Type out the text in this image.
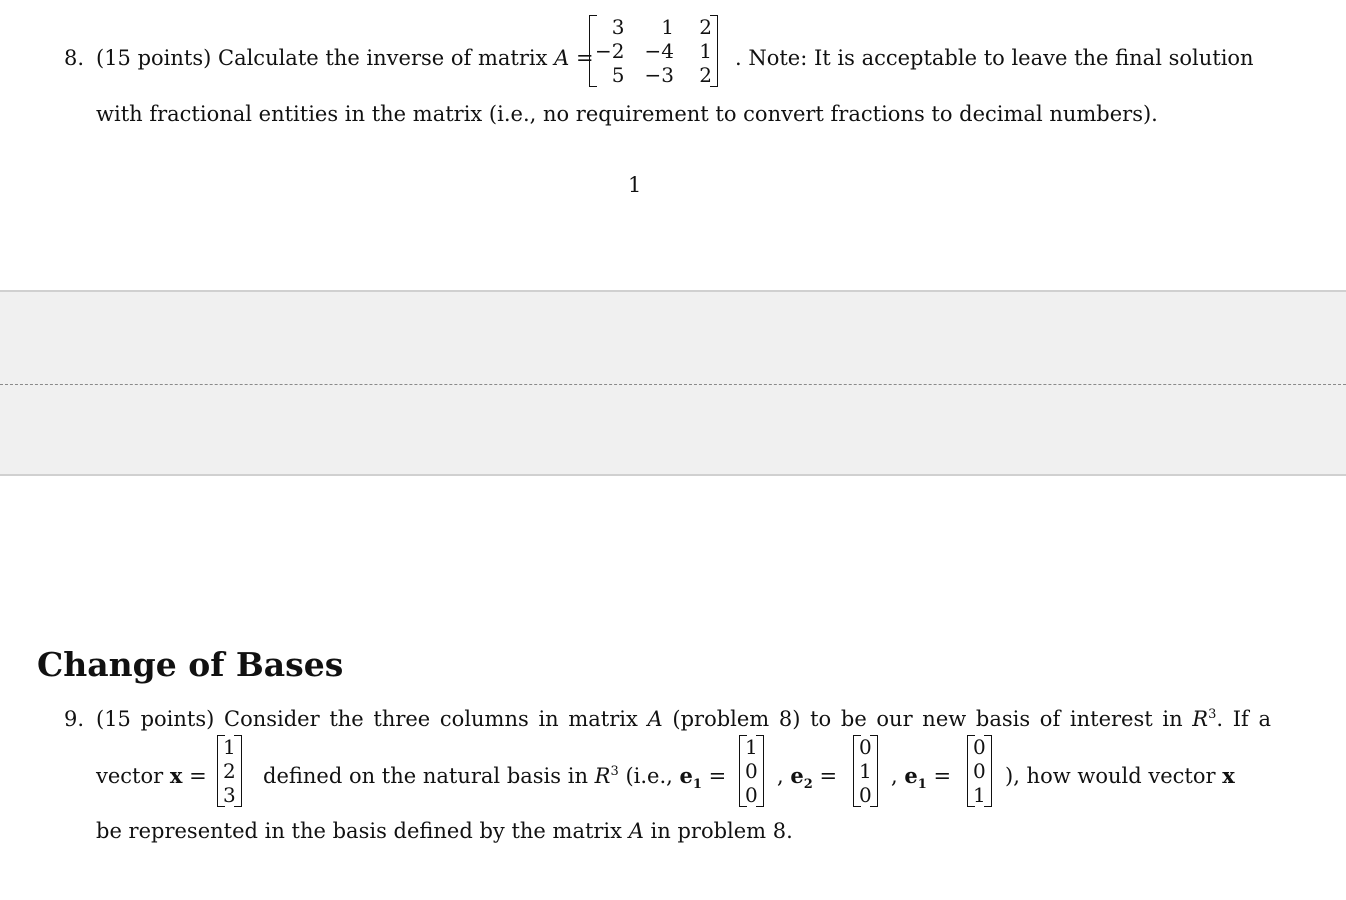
8. (15 points) Calculate the inverse of matrix A =
3	1 2
−2 −4 1
5 −3 2
. Note: It is acceptable to leave the final solution
with fractional entities in the matrix (i.e., no requirement to convert fractions to decimal numbers).
1
Change of Bases
9. (15 points) Consider the three columns in matrix A (problem 8) to be our new basis of interest in $R^3$. If a
vector x =
1
2
3
defined on the natural basis in $R^3$ (i.e., $e_1$ =
1
0
0
, $e_2$ =
0
1
0
, $e_1$ =
0
0
1
), how would vector x
be represented in the basis defined by the matrix A in problem 8.
